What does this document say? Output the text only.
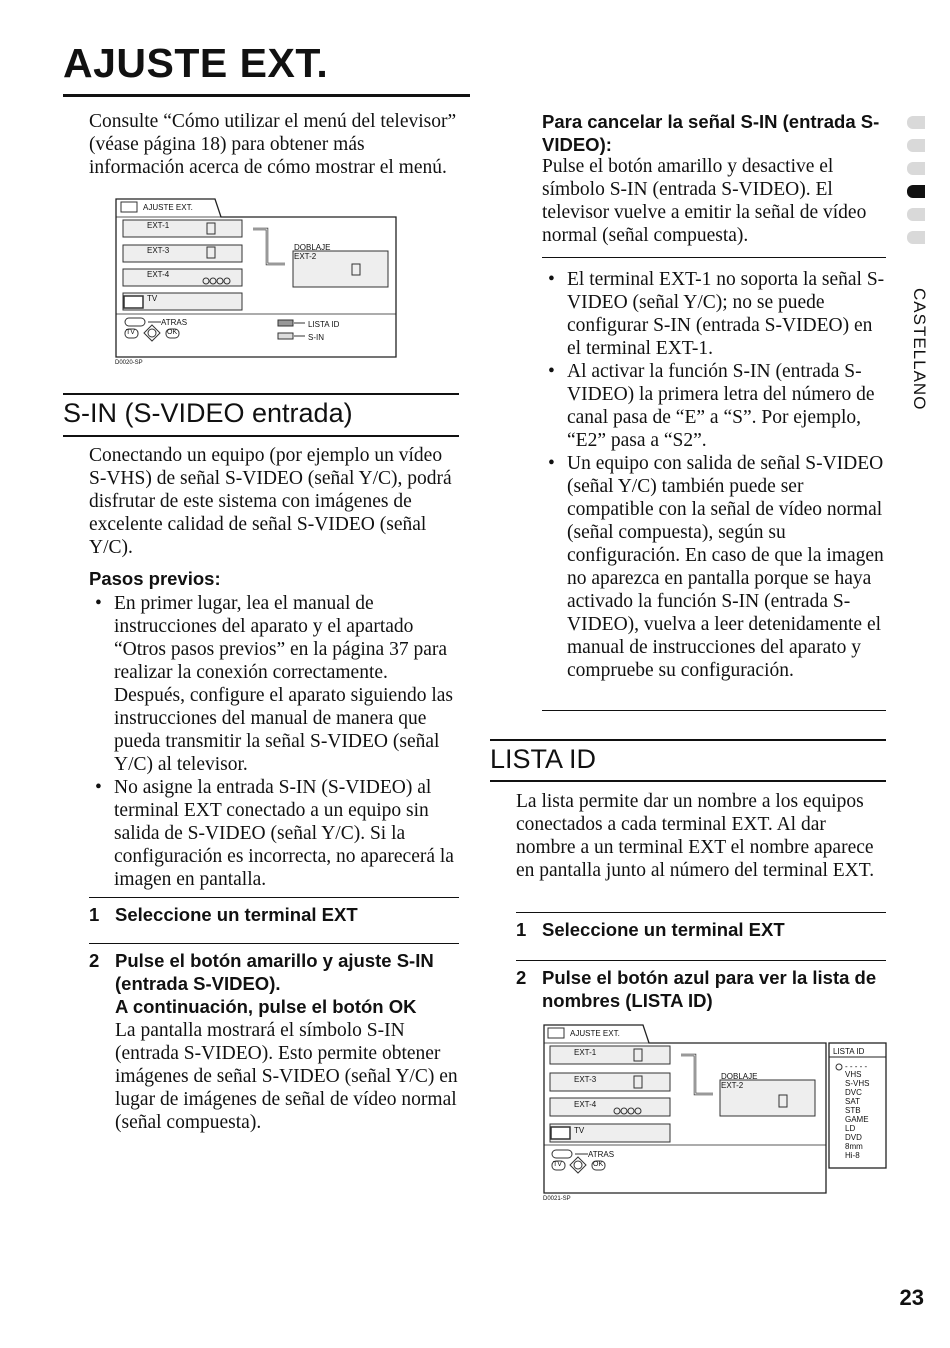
AJUSTE EXT.
Consulte “Cómo utilizar el menú del televisor” (véase página 18) para obtener más información acerca de cómo mostrar el menú.
AJUSTE EXT.
EXT-1
EXT-3
EXT-4
TV
DOBLAJE
EXT-2
ATRAS
TV	OK
LISTA ID
S-IN
D0020-SP
S-IN (S-VIDEO entrada)
Conectando un equipo (por ejemplo un vídeo S-VHS) de señal S-VIDEO (señal Y/C), podrá disfrutar de este sistema con imágenes de excelente calidad de señal S-VIDEO (señal Y/C).
Pasos previos:
• En primer lugar, lea el manual de instrucciones del aparato y el apartado “Otros pasos previos” en la página 37 para realizar la conexión correctamente. Después, configure el aparato siguiendo las instrucciones del manual de manera que pueda transmitir la señal S-VIDEO (señal Y/C) al televisor.
• No asigne la entrada S-IN (S-VIDEO) al terminal EXT conectado a un equipo sin salida de S-VIDEO (señal Y/C). Si la configuración es incorrecta, no aparecerá la imagen en pantalla.
1 Seleccione un terminal EXT
2 Pulse el botón amarillo y ajuste S-IN (entrada S-VIDEO).
A continuación, pulse el botón OK
La pantalla mostrará el símbolo S-IN (entrada S-VIDEO). Esto permite obtener imágenes de señal S-VIDEO (señal Y/C) en lugar de imágenes de señal de vídeo normal (señal compuesta).
Para cancelar la señal S-IN (entrada S-VIDEO):
Pulse el botón amarillo y desactive el símbolo S-IN (entrada S-VIDEO). El televisor vuelve a emitir la señal de vídeo normal (señal compuesta).
• El terminal EXT-1 no soporta la señal S-VIDEO (señal Y/C); no se puede configurar S-IN (entrada S-VIDEO) en el terminal EXT-1.
• Al activar la función S-IN (entrada S-VIDEO) la primera letra del número de canal pasa de “E” a “S”. Por ejemplo, “E2” pasa a “S2”.
• Un equipo con salida de señal S-VIDEO (señal Y/C) también puede ser compatible con la señal de vídeo normal (señal compuesta), según su configuración. En caso de que la imagen no aparezca en pantalla porque se haya activado la función S-IN (entrada S-VIDEO), vuelva a leer detenidamente el manual de instrucciones del aparato y compruebe su configuración.
LISTA ID
La lista permite dar un nombre a los equipos conectados a cada terminal EXT. Al dar nombre a un terminal EXT el nombre aparece en pantalla junto al número del terminal EXT.
1 Seleccione un terminal EXT
2 Pulse el botón azul para ver la lista de nombres (LISTA ID)
AJUSTE EXT.
EXT-1
EXT-3
EXT-4
TV
DOBLAJE
EXT-2
ATRAS
TV	OK
LISTA ID
- - - - -
VHS
S-VHS
DVC
SAT
STB
GAME
LD
DVD
8mm
Hi-8
D0021-SP
CASTELLANO
23
